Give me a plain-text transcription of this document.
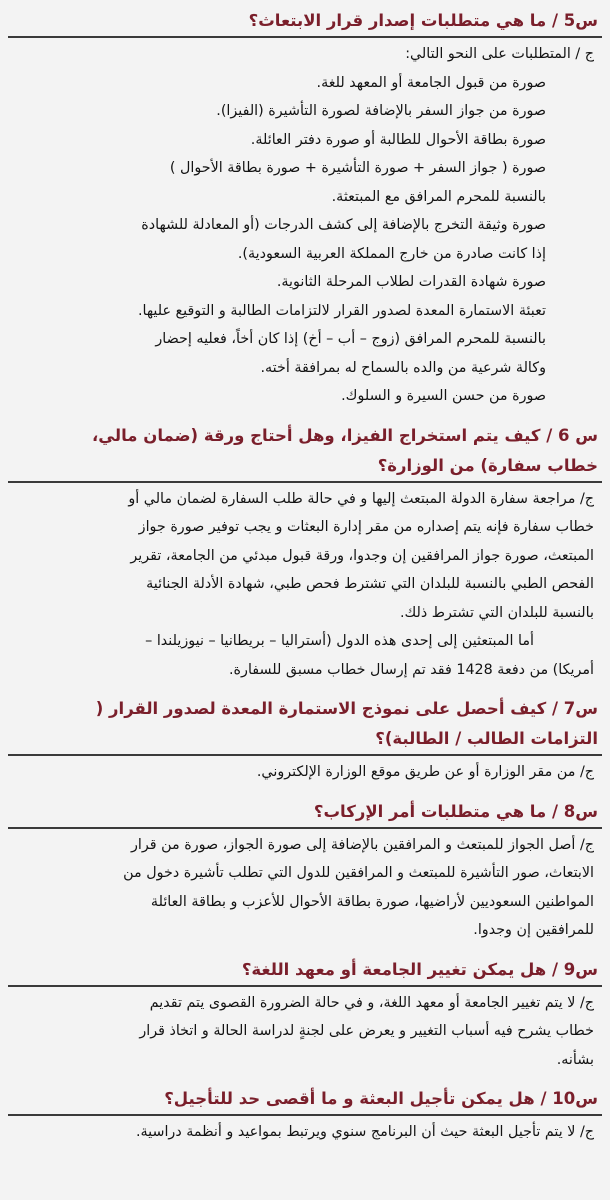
س5 / ما هي متطلبات إصدار قرار الابتعاث؟
ج / المتطلبات على النحو التالي:
صورة من قبول الجامعة أو المعهد للغة.
صورة من جواز السفر بالإضافة لصورة التأشيرة (الفيزا).
صورة بطاقة الأحوال للطالبة أو صورة دفتر العائلة.
صورة ( جواز السفر + صورة التأشيرة + صورة بطاقة الأحوال )
بالنسبة للمحرم المرافق مع المبتعثة.
صورة وثيقة التخرج بالإضافة إلى كشف الدرجات (أو المعادلة للشهادة
إذا كانت صادرة من خارج المملكة العربية السعودية).
صورة شهادة القدرات لطلاب المرحلة الثانوية.
تعبئة الاستمارة المعدة لصدور القرار لالتزامات الطالبة و التوقيع عليها.
بالنسبة للمحرم المرافق (زوج – أب – أخ) إذا كان أخاً، فعليه إحضار
وكالة شرعية من والده بالسماح له بمرافقة أخته.
صورة من حسن السيرة و السلوك.
س 6 / كيف يتم استخراج الفيزا، وهل أحتاج ورقة (ضمان مالي،
خطاب سفارة) من الوزارة؟
ج/ مراجعة سفارة الدولة المبتعث إليها و في حالة طلب السفارة لضمان مالي أو
خطاب سفارة فإنه يتم إصداره من مقر إدارة البعثات و يجب توفير صورة جواز
المبتعث، صورة جواز المرافقين إن وجدوا، ورقة قبول مبدئي من الجامعة، تقرير
الفحص الطبي بالنسبة للبلدان التي تشترط فحص طبي، شهادة الأدلة الجنائية
بالنسبة للبلدان التي تشترط ذلك.
أما المبتعثين إلى إحدى هذه الدول (أستراليا – بريطانيا – نيوزيلندا –
أمريكا) من دفعة 1428 فقد تم إرسال خطاب مسبق للسفارة.
س7 / كيف أحصل على نموذج الاستمارة المعدة لصدور القرار (
التزامات الطالب / الطالبة)؟
ج/ من مقر الوزارة أو عن طريق موقع الوزارة الإلكتروني.
س8 / ما هي متطلبات أمر الإركاب؟
ج/ أصل الجواز للمبتعث و المرافقين بالإضافة إلى صورة الجواز، صورة من قرار
الابتعاث، صور التأشيرة للمبتعث و المرافقين للدول التي تطلب تأشيرة دخول من
المواطنين السعوديين لأراضيها، صورة بطاقة الأحوال للأعزب و بطاقة العائلة
للمرافقين إن وجدوا.
س9 / هل يمكن تغيير الجامعة أو معهد اللغة؟
ج/ لا يتم تغيير الجامعة أو معهد اللغة، و في حالة الضرورة القصوى يتم تقديم
خطاب يشرح فيه أسباب التغيير و يعرض على لجنةٍ لدراسة الحالة و اتخاذ قرار
بشأنه.
س10 / هل يمكن تأجيل البعثة و ما أقصى حد للتأجيل؟
ج/ لا يتم تأجيل البعثة حيث أن البرنامج سنوي ويرتبط بمواعيد و أنظمة دراسية.
